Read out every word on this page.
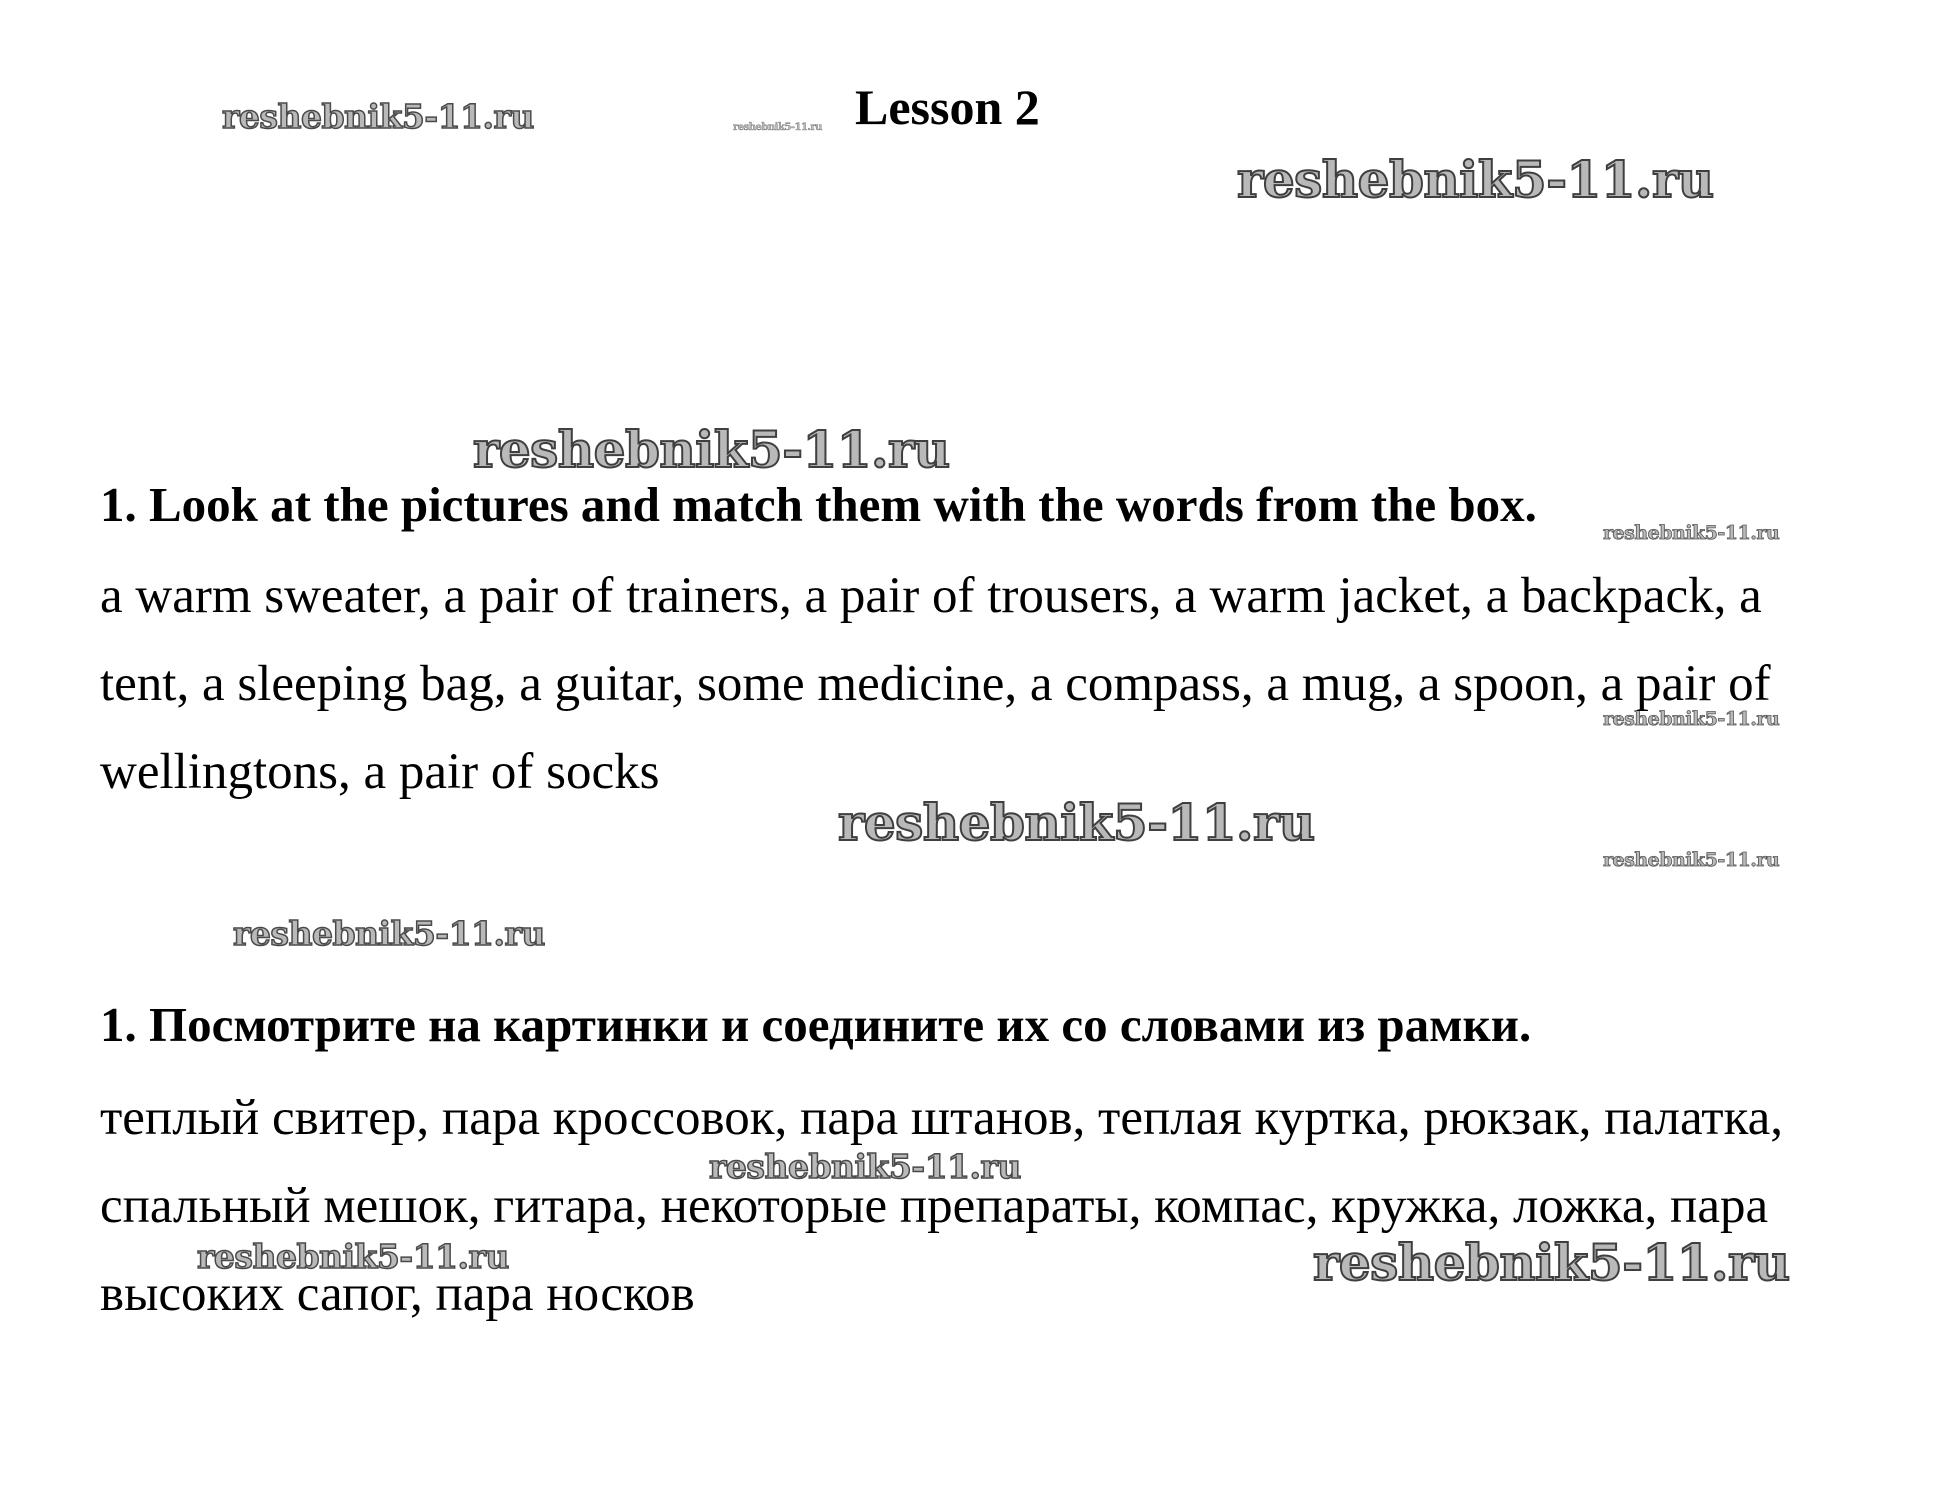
reshebnik5-11.ru	reshebnik5-11.ru
reshebnik5-11.ru
reshebnik5-11.ru
reshebnik5-11.ru
reshebnik5-11.ru
reshebnik5-11.ru
reshebnik5-11.ru
reshebnik5-11.ru
reshebnik5-11.ru
reshebnik5-11.ru	reshebnik5-11.ru
Lesson 2
1. Look at the pictures and match them with the words from the box.

a warm sweater, a pair of trainers, a pair of trousers, a warm jacket, a backpack, a tent, a sleeping bag, a guitar, some medicine, a compass, a mug, a spoon, a pair of wellingtons, a pair of socks

1. Посмотрите на картинки и соедините их со словами из рамки.

теплый свитер, пара кроссовок, пара штанов, теплая куртка, рюкзак, палатка, спальный мешок, гитара, некоторые препараты, компас, кружка, ложка, пара высоких сапог, пара носков
